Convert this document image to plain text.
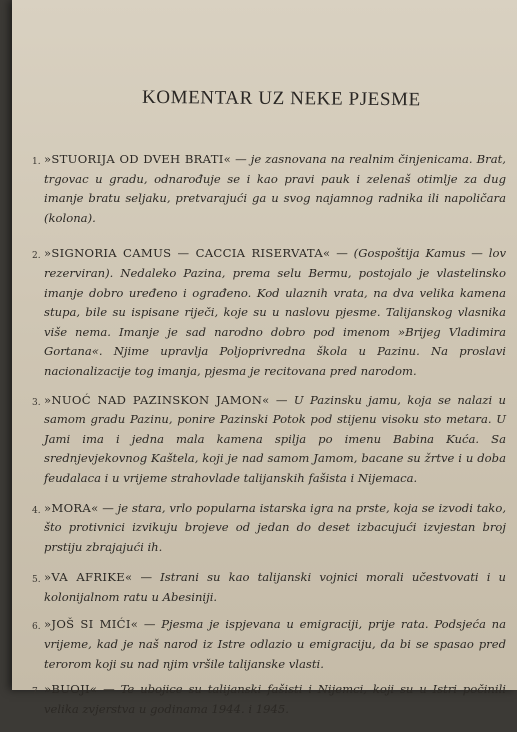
KOMENTAR UZ NEKE PJESME
1. »STUORIJA OD DVEH BRATI« — je zasnovana na realnim činjenicama. Brat, trgovac u gradu, odnarođuje se i kao pravi pauk i zelenaš otimlje za dug imanje bratu seljaku, pretvarajući ga u svog najamnog radnika ili napoličara (kolona).
2. »SIGNORIA CAMUS — CACCIA RISERVATA« — (Gospoštija Kamus — lov rezerviran). Nedaleko Pazina, prema selu Bermu, postojalo je vlastelinsko imanje dobro uređeno i ograđeno. Kod ulaznih vrata, na dva velika kamena stupa, bile su ispisane riječi, koje su u naslovu pjesme. Talijanskog vlasnika više nema. Imanje je sad narodno dobro pod imenom »Brijeg Vladimira Gortana«. Njime upravlja Poljoprivredna škola u Pazinu. Na proslavi nacionalizacije tog imanja, pjesma je recitovana pred narodom.
3. »NUOĆ NAD PAZINSKON JAMON« — U Pazinsku jamu, koja se nalazi u samom gradu Pazinu, ponire Pazinski Potok pod stijenu visoku sto metara. U Jami ima i jedna mala kamena spilja po imenu Babina Kuća. Sa srednjevjekovnog Kaštela, koji je nad samom Jamom, bacane su žrtve i u doba feudalaca i u vrijeme strahovlade talijanskih fašista i Nijemaca.
4. »MORA« — je stara, vrlo popularna istarska igra na prste, koja se izvodi tako, što protivnici izvikuju brojeve od jedan do deset izbacujući izvjestan broj prstiju zbrajajući ih.
5. »VA AFRIKE« — Istrani su kao talijanski vojnici morali učestvovati i u kolonijalnom ratu u Abesiniji.
6. »JOŠ SI MIĆI« — Pjesma je ispjevana u emigraciji, prije rata. Podsjeća na vrijeme, kad je naš narod iz Istre odlazio u emigraciju, da bi se spasao pred terorom koji su nad njim vršile talijanske vlasti.
7. »BUOJI« — Te ubojice su talijanski fašisti i Nijemci, koji su u Istri počinili velika zvjerstva u godinama 1944. i 1945.
